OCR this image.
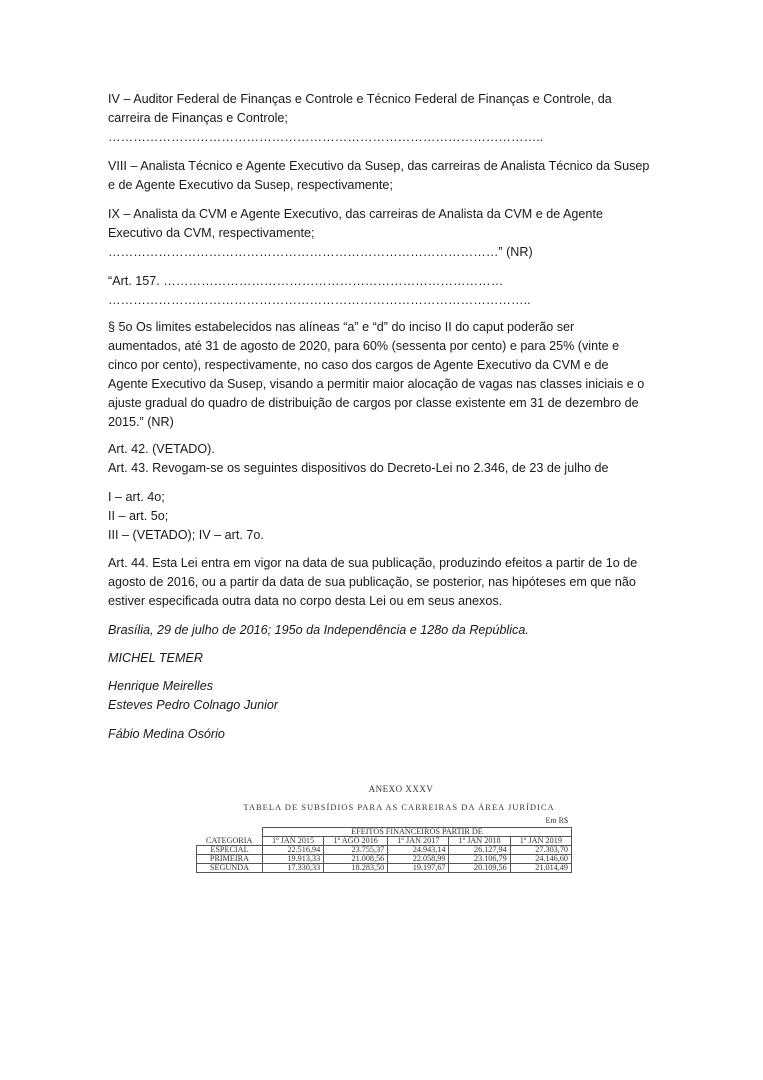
IV – Auditor Federal de Finanças e Controle e Técnico Federal de Finanças e Controle, da

carreira de Finanças e Controle;

…………………………………………………………………………………………..

VIII – Analista Técnico e Agente Executivo da Susep, das carreiras de Analista Técnico da Susep

e de Agente Executivo da Susep, respectivamente;

IX – Analista da CVM e Agente Executivo, das carreiras de Analista da CVM e de Agente

Executivo da CVM, respectivamente;

…………………………………………………………………………………” (NR)

“Art. 157. ………………………………………………………………………

………………………………………………………………………………………..

§ 5o Os limites estabelecidos nas alíneas “a” e “d” do inciso II do caput poderão ser

aumentados, até 31 de agosto de 2020, para 60% (sessenta por cento) e para 25% (vinte e

cinco por cento), respectivamente, no caso dos cargos de Agente Executivo da CVM e de

Agente Executivo da Susep, visando a permitir maior alocação de vagas nas classes iniciais e o

ajuste gradual do quadro de distribuição de cargos por classe existente em 31 de dezembro de

2015.” (NR)

Art. 42. (VETADO).

Art. 43. Revogam-se os seguintes dispositivos do Decreto-Lei no 2.346, de 23 de julho de

I – art. 4o;

II – art. 5o;

III – (VETADO); IV – art. 7o.

Art. 44. Esta Lei entra em vigor na data de sua publicação, produzindo efeitos a partir de 1o de

agosto de 2016, ou a partir da data de sua publicação, se posterior, nas hipóteses em que não

estiver especificada outra data no corpo desta Lei ou em seus anexos.

Brasília, 29 de julho de 2016; 195o da Independência e 128o da República.

MICHEL TEMER

Henrique Meirelles

Esteves Pedro Colnago Junior

Fábio Medina Osório

ANEXO XXXV
TABELA DE SUBSÍDIOS PARA AS CARREIRAS DA ÁREA JURÍDICA
Em R$
CATEGORIA	EFEITOS FINANCEIROS PARTIR DE				
	1º JAN 2015	1º AGO 2016	1º JAN 2017	1º JAN 2018	1º JAN 2019
ESPECIAL	22.516,94	23.755,37	24.943,14	26.127,94	27.303,70
PRIMEIRA	19.913,33	21.008,56	22.058,99	23.106,79	24.146,60
SEGUNDA	17.330,33	18.283,50	19.197,67	20.109,56	21.014,49
